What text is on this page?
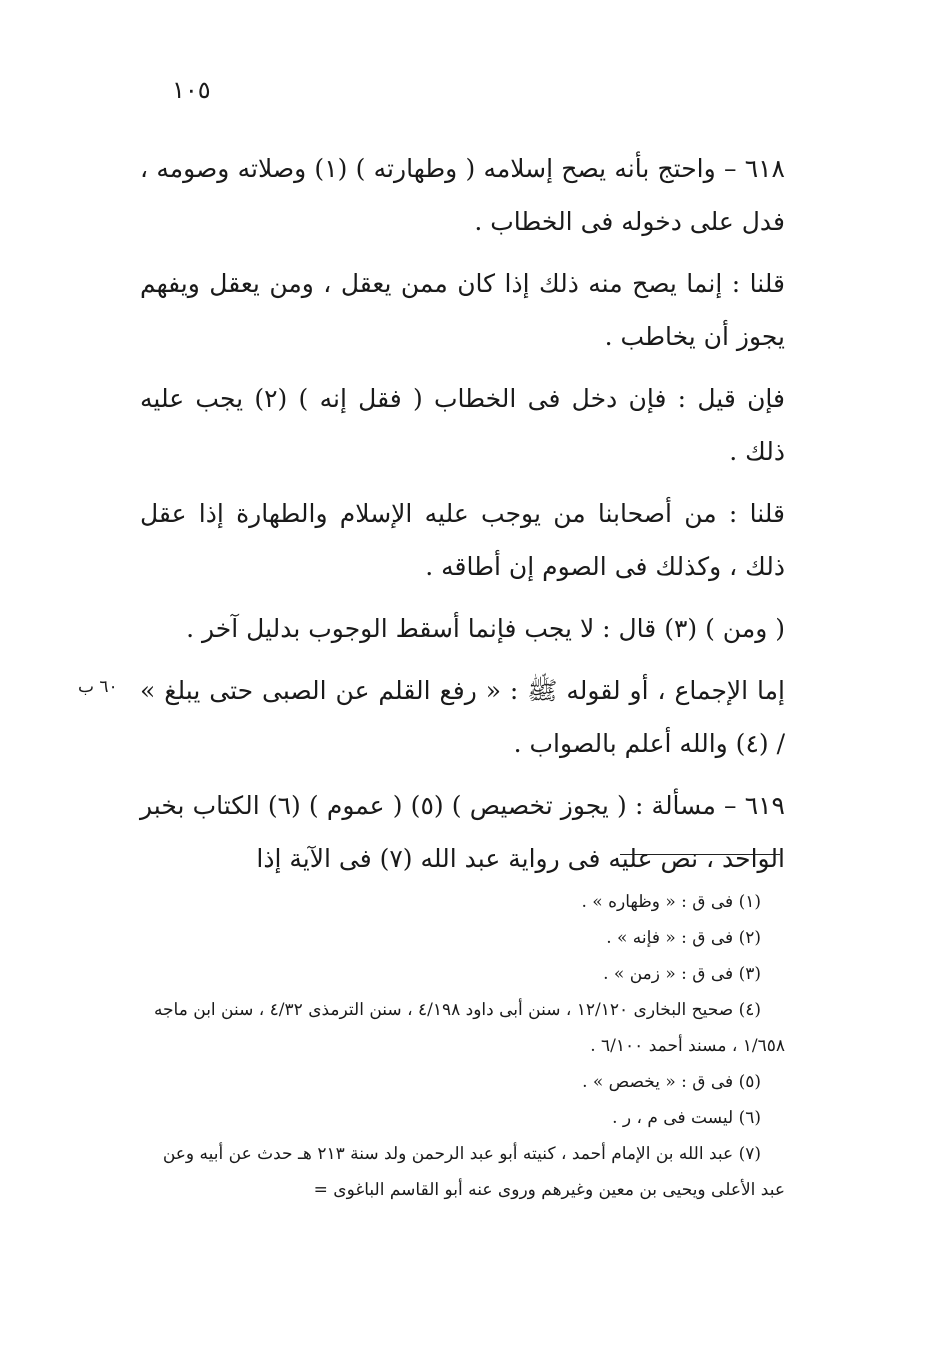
١٠٥
٦٠ ب

٦١٨ – واحتج بأنه يصح إسلامه ( وطهارته ) (١) وصلاته وصومه ، فدل على دخوله فى الخطاب .

قلنا : إنما يصح منه ذلك إذا كان ممن يعقل ، ومن يعقل ويفهم يجوز أن يخاطب .

فإن قيل : فإن دخل فى الخطاب ( فقل إنه ) (٢) يجب عليه ذلك .

قلنا : من أصحابنا من يوجب عليه الإسلام والطهارة إذا عقل ذلك ، وكذلك فى الصوم إن أطاقه .

( ومن ) (٣) قال : لا يجب فإنما أسقط الوجوب بدليل آخر .

إما الإجماع ، أو لقوله ﷺ : « رفع القلم عن الصبى حتى يبلغ » / (٤) والله أعلم بالصواب .

٦١٩ – مسألة : ( يجوز تخصيص ) (٥) ( عموم ) (٦) الكتاب بخبر الواحد ، نص عليه فى رواية عبد الله (٧) فى الآية إذا

(١) فى ق : « وظهاره » .

(٢) فى ق : « فإنه » .

(٣) فى ق : « زمن » .

(٤) صحيح البخارى ١٢/١٢٠ ، سنن أبى داود ٤/١٩٨ ، سنن الترمذى ٤/٣٢ ، سنن ابن ماجه ١/٦٥٨ ، مسند أحمد ٦/١٠٠ .

(٥) فى ق : « يخصص » .

(٦) ليست فى م ، ر .

(٧) عبد الله بن الإمام أحمد ، كنيته أبو عبد الرحمن ولد سنة ٢١٣ هـ حدث عن أبيه وعن عبد الأعلى ويحيى بن معين وغيرهم وروى عنه أبو القاسم الباغوى =
